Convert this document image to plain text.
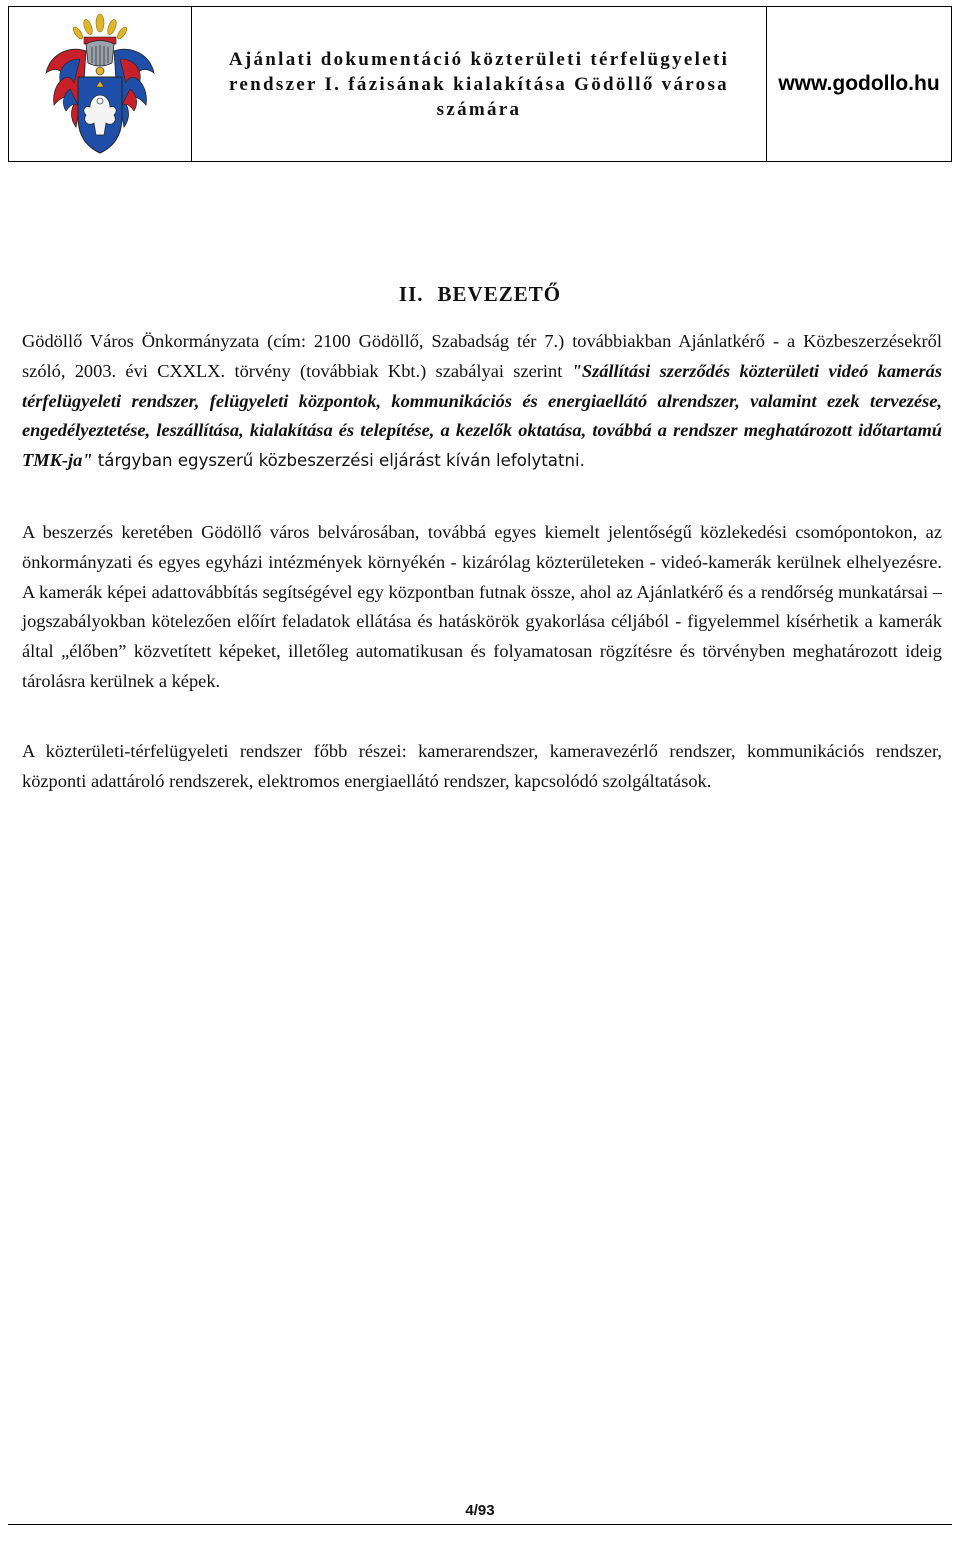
Ajánlati dokumentáció közterületi térfelügyeleti rendszer I. fázisának kialakítása Gödöllő városa számára
www.godollo.hu
II. BEVEZETŐ

Gödöllő Város Önkormányzata (cím: 2100 Gödöllő, Szabadság tér 7.) továbbiakban Ajánlatkérő - a Közbeszerzésekről szóló, 2003. évi CXXLX. törvény (továbbiak Kbt.) szabályai szerint "Szállítási szerződés közterületi videó kamerás térfelügyeleti rendszer, felügyeleti központok, kommunikációs és energiaellátó alrendszer, valamint ezek tervezése, engedélyeztetése, leszállítása, kialakítása és telepítése, a kezelők oktatása, továbbá a rendszer meghatározott időtartamú TMK-ja" tárgyban egyszerű közbeszerzési eljárást kíván lefolytatni.

A beszerzés keretében Gödöllő város belvárosában, továbbá egyes kiemelt jelentőségű közlekedési csomópontokon, az önkormányzati és egyes egyházi intézmények környékén - kizárólag közterületeken - videó-kamerák kerülnek elhelyezésre. A kamerák képei adattovábbítás segítségével egy központban futnak össze, ahol az Ajánlatkérő és a rendőrség munkatársai – jogszabályokban kötelezően előírt feladatok ellátása és hatáskörök gyakorlása céljából - figyelemmel kísérhetik a kamerák által „élőben” közvetített képeket, illetőleg automatikusan és folyamatosan rögzítésre és törvényben meghatározott ideig tárolásra kerülnek a képek.

A közterületi-térfelügyeleti rendszer főbb részei: kamerarendszer, kameravezérlő rendszer, kommunikációs rendszer, központi adattároló rendszerek, elektromos energiaellátó rendszer, kapcsolódó szolgáltatások.

4/93
